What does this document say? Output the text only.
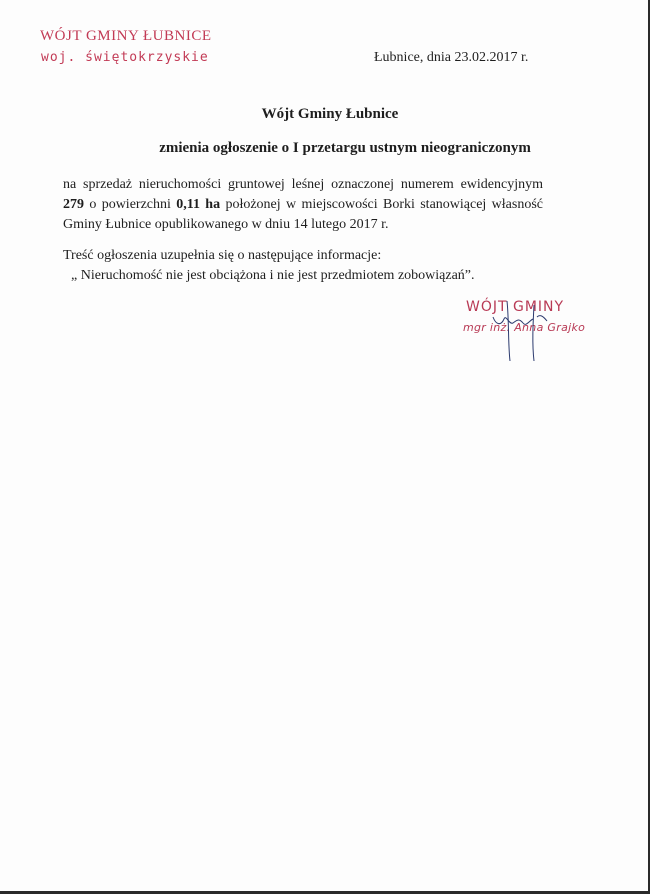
WÓJT GMINY ŁUBNICE
woj. świętokrzyskie	Łubnice, dnia 23.02.2017 r.
Wójt Gminy Łubnice
zmienia ogłoszenie o I przetargu ustnym nieograniczonym
na sprzedaż nieruchomości gruntowej leśnej oznaczonej numerem ewidencyjnym
279 o powierzchni 0,11 ha położonej w miejscowości Borki stanowiącej własność
Gminy Łubnice opublikowanego w dniu 14 lutego 2017 r.
Treść ogłoszenia uzupełnia się o następujące informacje:
„ Nieruchomość nie jest obciążona i nie jest przedmiotem zobowiązań”.
WÓJT GMINY
mgr inż. Anna Grajko
